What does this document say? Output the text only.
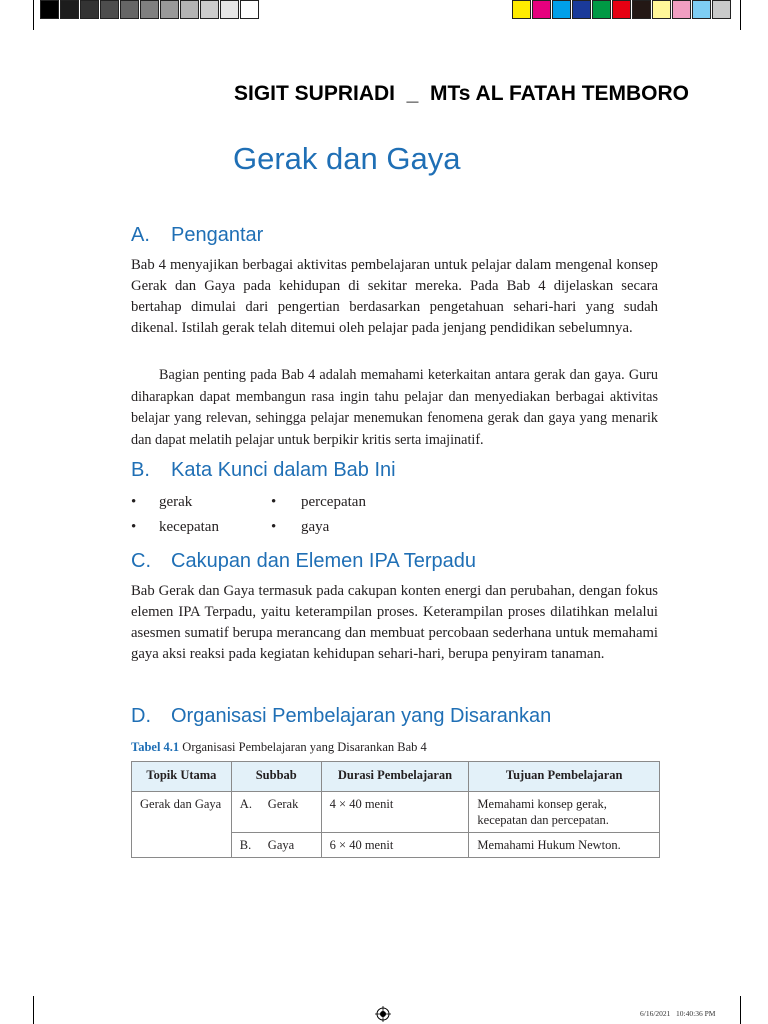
SIGIT SUPRIADI  _  MTs AL FATAH TEMBORO
Gerak dan Gaya
A. Pengantar
Bab 4 menyajikan berbagai aktivitas pembelajaran untuk pelajar dalam mengenal konsep Gerak dan Gaya pada kehidupan di sekitar mereka. Pada Bab 4 dijelaskan secara bertahap dimulai dari pengertian berdasarkan pengetahuan sehari-hari yang sudah dikenal. Istilah gerak telah ditemui oleh pelajar pada jenjang pendidikan sebelumnya.
Bagian penting pada Bab 4 adalah memahami keterkaitan antara gerak dan gaya. Guru diharapkan dapat membangun rasa ingin tahu pelajar dan menyediakan berbagai aktivitas belajar yang relevan, sehingga pelajar menemukan fenomena gerak dan gaya yang menarik dan dapat melatih pelajar untuk berpikir kritis serta imajinatif.
B. Kata Kunci dalam Bab Ini
• gerak
• kecepatan
• percepatan
• gaya
C. Cakupan dan Elemen IPA Terpadu
Bab Gerak dan Gaya termasuk pada cakupan konten energi dan perubahan, dengan fokus elemen IPA Terpadu, yaitu keterampilan proses. Keterampilan proses dilatihkan melalui asesmen sumatif berupa merancang dan membuat percobaan sederhana untuk memahami gaya aksi reaksi pada kegiatan kehidupan sehari-hari, berupa penyiram tanaman.
D. Organisasi Pembelajaran yang Disarankan
Tabel 4.1 Organisasi Pembelajaran yang Disarankan Bab 4
Topik Utama	Subbab	Durasi Pembelajaran	Tujuan Pembelajaran
Gerak dan Gaya	A. Gerak	4 × 40 menit	Memahami konsep gerak, kecepatan dan percepatan.
	B. Gaya	6 × 40 menit	Memahami Hukum Newton.
6/16/2021 10:40:36 PM
